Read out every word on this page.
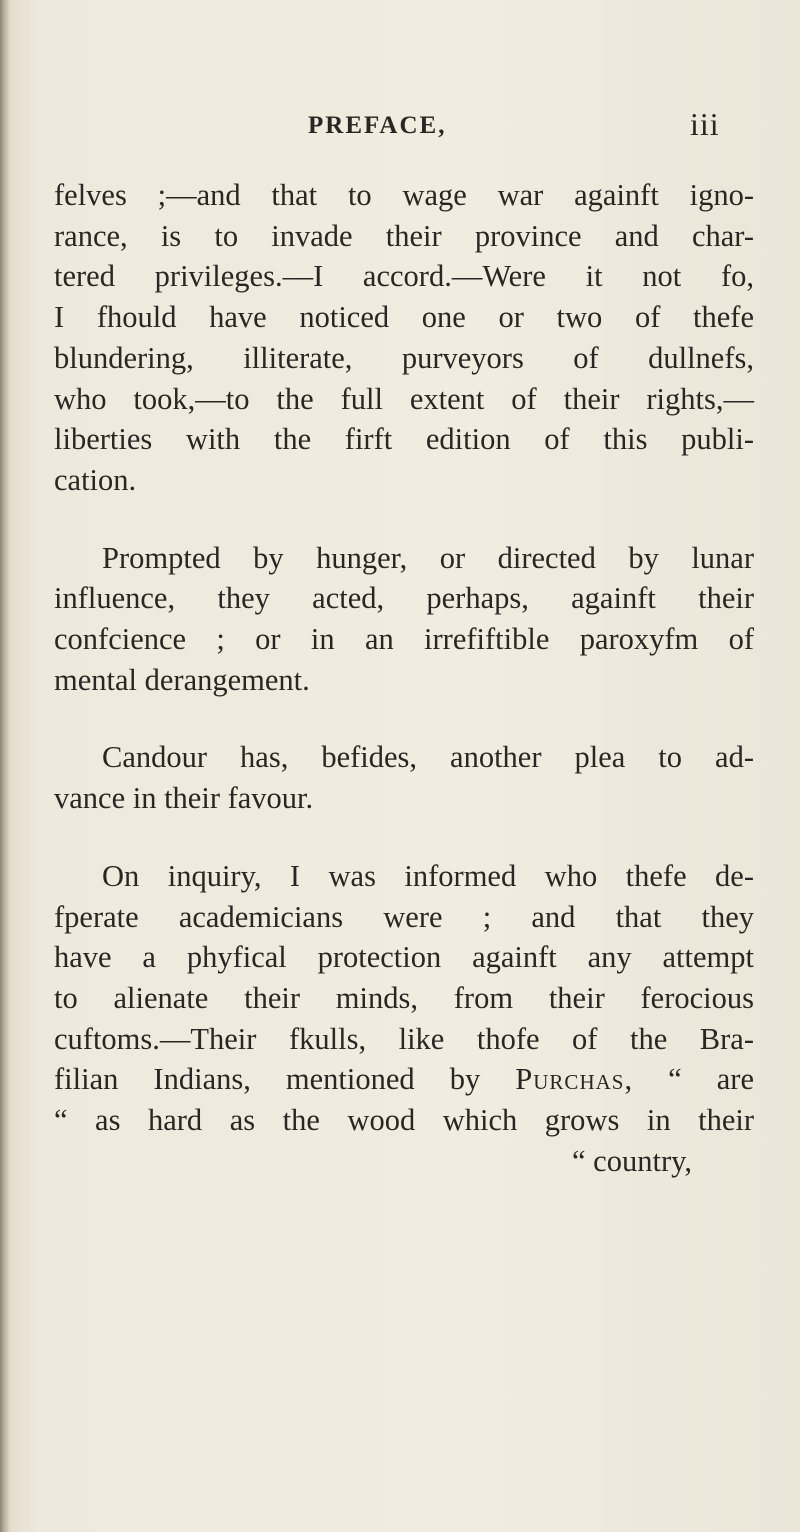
PREFACE,	iii
felves ;—and that to wage war againft igno-
rance, is to invade their province and char-
tered privileges.—I accord.—Were it not fo,
I fhould have noticed one or two of thefe
blundering, illiterate, purveyors of dullnefs,
who took,—to the full extent of their rights,—
liberties with the firft edition of this publi-
cation.
Prompted by hunger, or directed by lunar
influence, they acted, perhaps, againft their
confcience ; or in an irrefiftible paroxyfm of
mental derangement.
Candour has, befides, another plea to ad-
vance in their favour.
On inquiry, I was informed who thefe de-
fperate academicians were ; and that they
have a phyfical protection againft any attempt
to alienate their minds, from their ferocious
cuftoms.—Their fkulls, like thofe of the Bra-
filian Indians, mentioned by Purchas, “ are
“ as hard as the wood which grows in their
“ country,
